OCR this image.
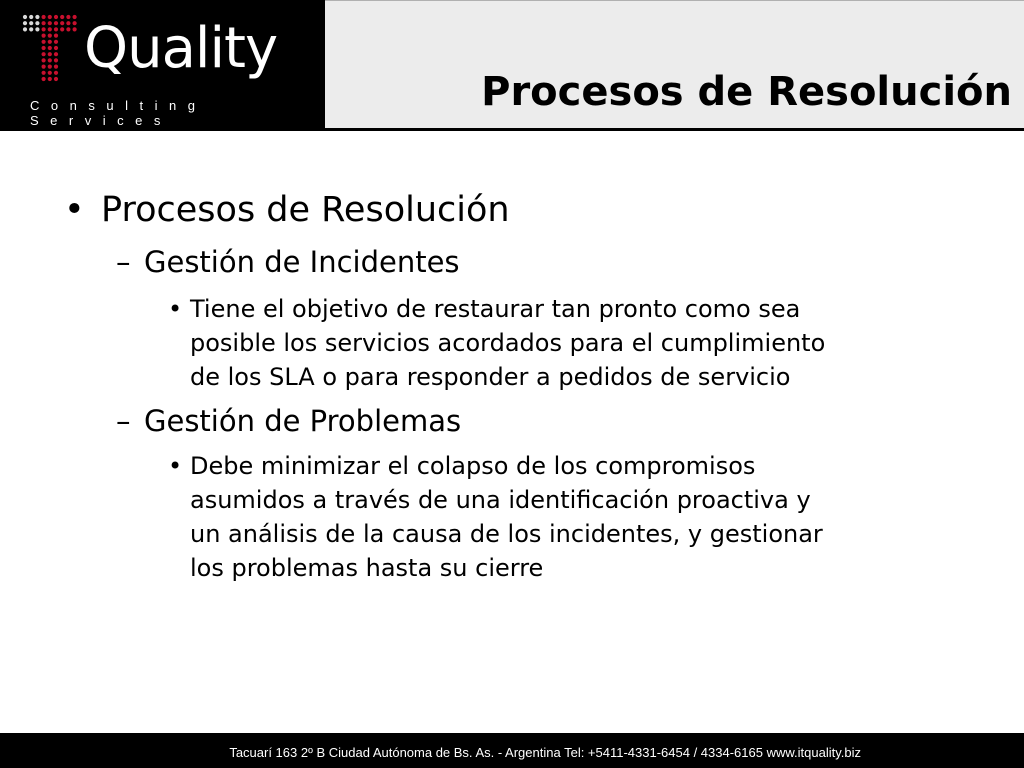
Quality
Consulting Services
Procesos de Resolución
• Procesos de Resolución
– Gestión de Incidentes
• Tiene el objetivo de restaurar tan pronto como sea
posible los servicios acordados para el cumplimiento
de los SLA o para responder a pedidos de servicio
– Gestión de Problemas
• Debe minimizar el colapso de los compromisos
asumidos a través de una identificación proactiva y
un análisis de la causa de los incidentes, y gestionar
los problemas hasta su cierre
Tacuarí 163 2º B Ciudad Autónoma de Bs. As. - Argentina Tel: +5411-4331-6454 / 4334-6165 www.itquality.biz
